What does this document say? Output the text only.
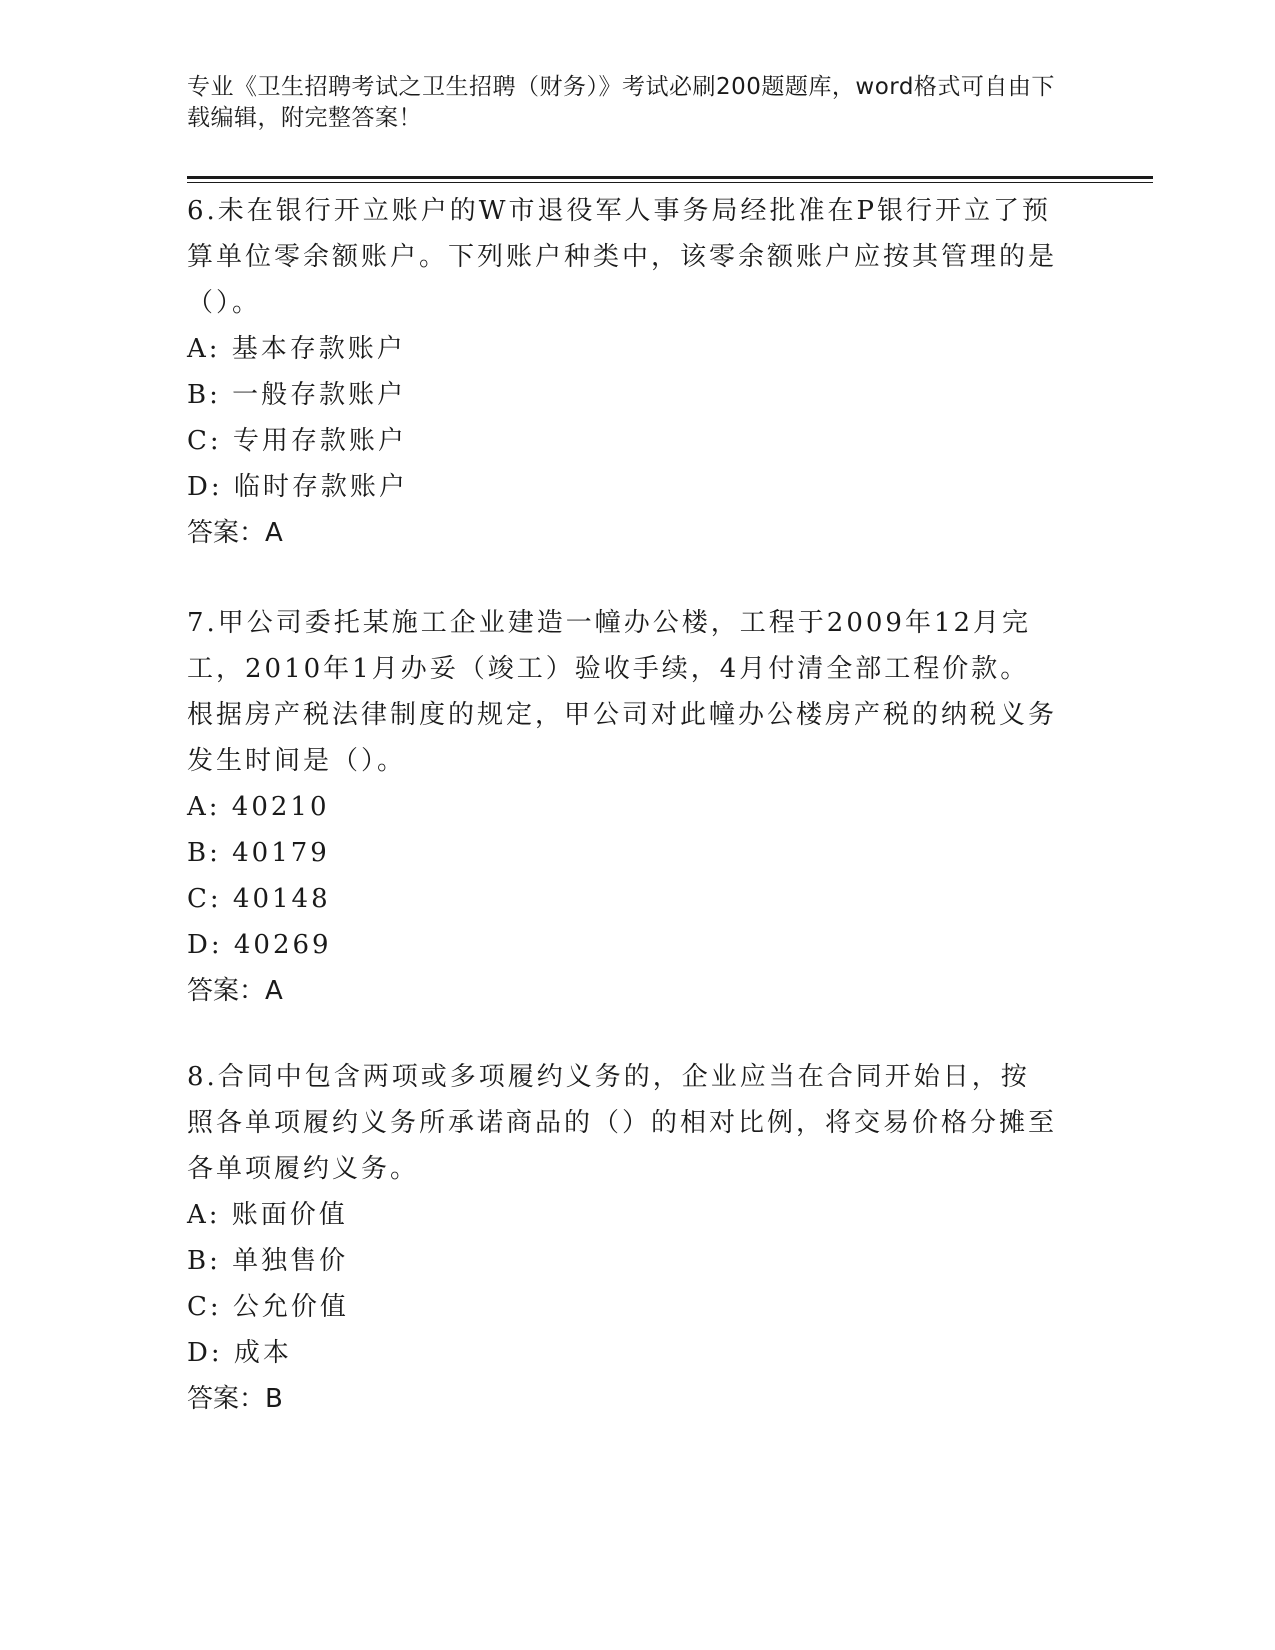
专业《卫生招聘考试之卫生招聘（财务）》考试必刷200题题库，word格式可自由下载编辑，附完整答案！

6.未在银行开立账户的W市退役军人事务局经批准在P银行开立了预算单位零余额账户。下列账户种类中，该零余额账户应按其管理的是（）。

A: 基本存款账户

B: 一般存款账户

C: 专用存款账户

D: 临时存款账户

答案：A

7.甲公司委托某施工企业建造一幢办公楼，工程于2009年12月完工，2010年1月办妥（竣工）验收手续，4月付清全部工程价款。根据房产税法律制度的规定，甲公司对此幢办公楼房产税的纳税义务发生时间是（）。

A: 40210

B: 40179

C: 40148

D: 40269

答案：A

8.合同中包含两项或多项履约义务的，企业应当在合同开始日，按照各单项履约义务所承诺商品的（）的相对比例，将交易价格分摊至各单项履约义务。

A: 账面价值

B: 单独售价

C: 公允价值

D: 成本

答案：B
